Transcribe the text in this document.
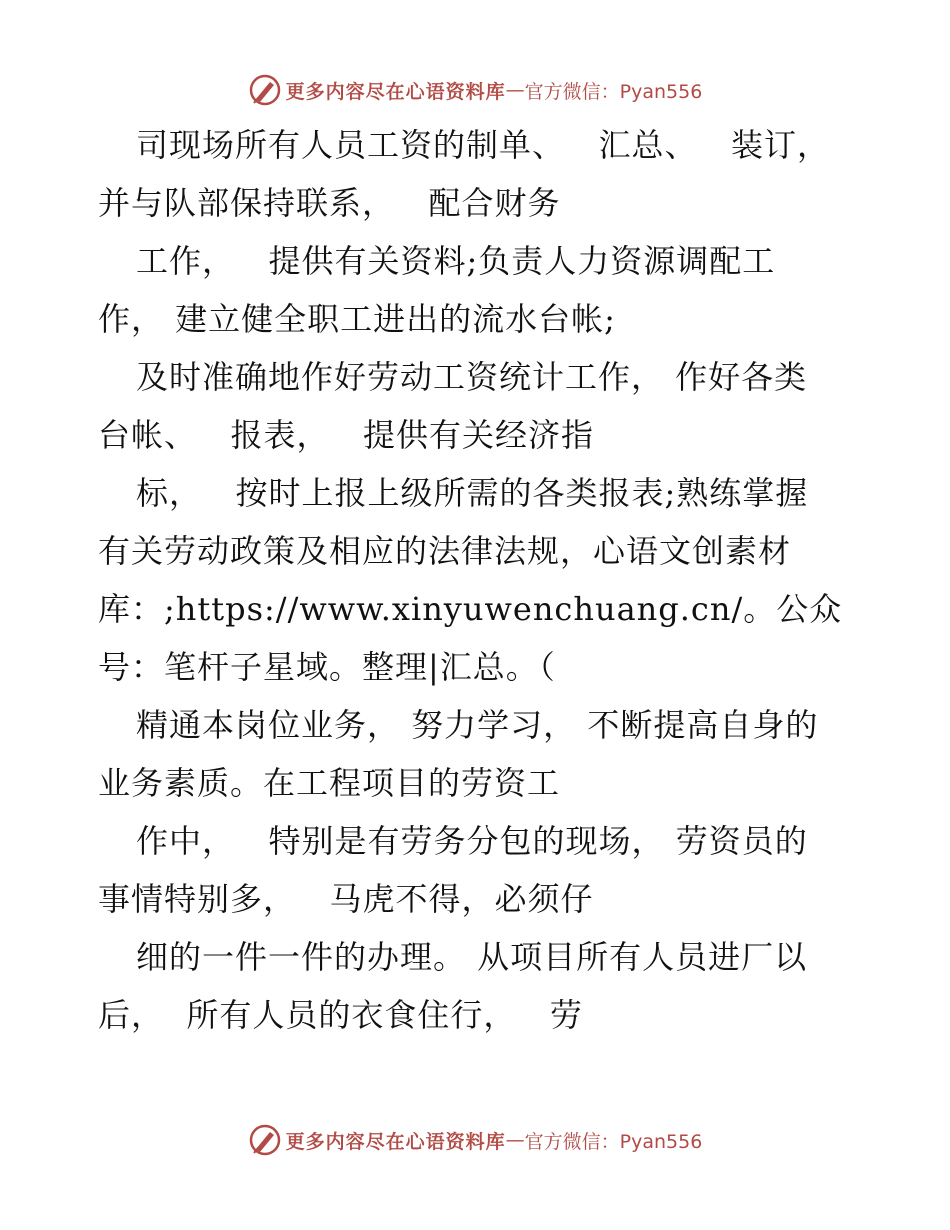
更多内容尽在心语资料库 — 官方微信：Pyan556
司现场所有人员工资的制单、   汇总、   装订，
并与队部保持联系，   配合财务
工作，   提供有关资料;负责人力资源调配工
作， 建立健全职工进出的流水台帐;
及时准确地作好劳动工资统计工作， 作好各类
台帐、   报表，   提供有关经济指
标，   按时上报上级所需的各类报表;熟练掌握
有关劳动政策及相应的法律法规，心语文创素材
库：;https://www.xinyuwenchuang.cn/。公众
号：笔杆子星域。整理|汇总。（
精通本岗位业务， 努力学习， 不断提高自身的
业务素质。在工程项目的劳资工
作中，   特别是有劳务分包的现场， 劳资员的
事情特别多，   马虎不得，必须仔
细的一件一件的办理。 从项目所有人员进厂以
后，  所有人员的衣食住行，   劳
更多内容尽在心语资料库 — 官方微信：Pyan556
